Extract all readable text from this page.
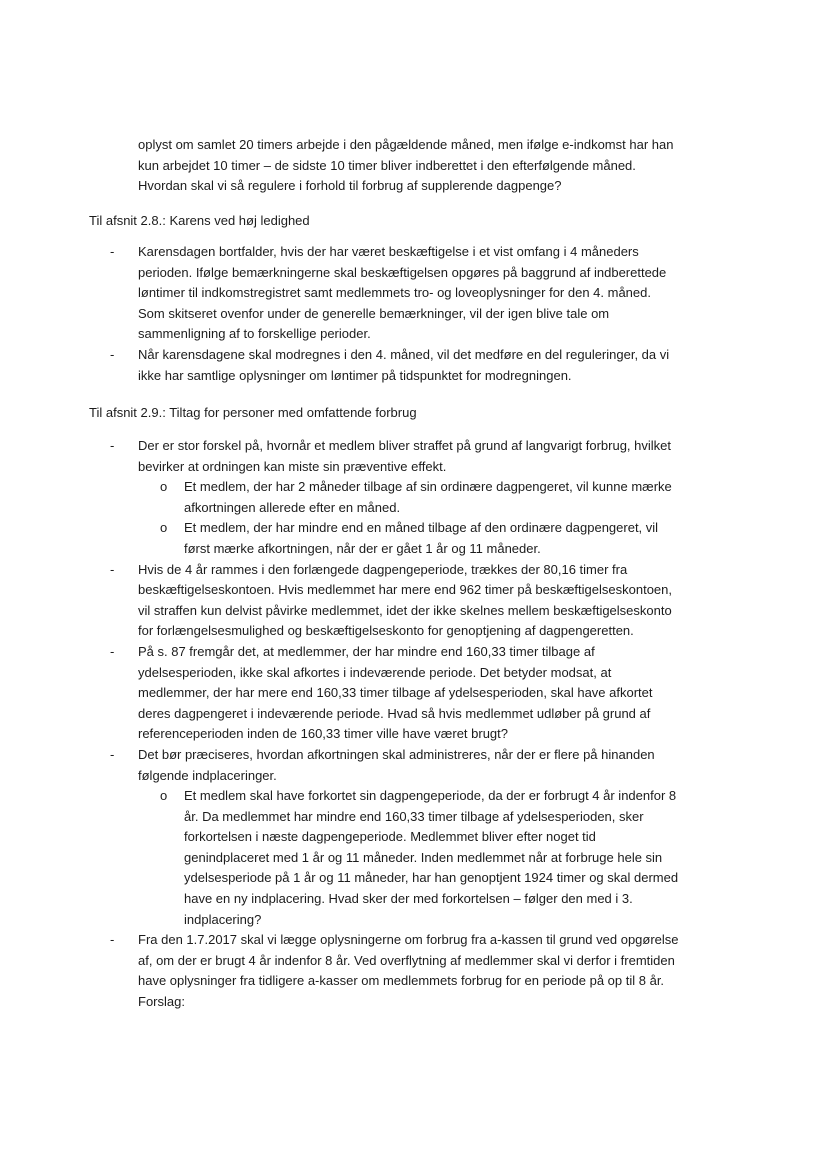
oplyst om samlet 20 timers arbejde i den pågældende måned, men ifølge e-indkomst har han
kun arbejdet 10 timer – de sidste 10 timer bliver indberettet i den efterfølgende måned.
Hvordan skal vi så regulere i forhold til forbrug af supplerende dagpenge?
Til afsnit 2.8.: Karens ved høj ledighed
- Karensdagen bortfalder, hvis der har været beskæftigelse i et vist omfang i 4 måneders
perioden. Ifølge bemærkningerne skal beskæftigelsen opgøres på baggrund af indberettede
løntimer til indkomstregistret samt medlemmets tro- og loveoplysninger for den 4. måned.
Som skitseret ovenfor under de generelle bemærkninger, vil der igen blive tale om
sammenligning af to forskellige perioder.
- Når karensdagene skal modregnes i den 4. måned, vil det medføre en del reguleringer, da vi
ikke har samtlige oplysninger om løntimer på tidspunktet for modregningen.
Til afsnit 2.9.: Tiltag for personer med omfattende forbrug
- Der er stor forskel på, hvornår et medlem bliver straffet på grund af langvarigt forbrug, hvilket
bevirker at ordningen kan miste sin præventive effekt.
o Et medlem, der har 2 måneder tilbage af sin ordinære dagpengeret, vil kunne mærke
afkortningen allerede efter en måned.
o Et medlem, der har mindre end en måned tilbage af den ordinære dagpengeret, vil
først mærke afkortningen, når der er gået 1 år og 11 måneder.
- Hvis de 4 år rammes i den forlængede dagpengeperiode, trækkes der 80,16 timer fra
beskæftigelseskontoen. Hvis medlemmet har mere end 962 timer på beskæftigelseskontoen,
vil straffen kun delvist påvirke medlemmet, idet der ikke skelnes mellem beskæftigelseskonto
for forlængelsesmulighed og beskæftigelseskonto for genoptjening af dagpengeretten.
- På s. 87 fremgår det, at medlemmer, der har mindre end 160,33 timer tilbage af
ydelsesperioden, ikke skal afkortes i indeværende periode. Det betyder modsat, at
medlemmer, der har mere end 160,33 timer tilbage af ydelsesperioden, skal have afkortet
deres dagpengeret i indeværende periode. Hvad så hvis medlemmet udløber på grund af
referenceperioden inden de 160,33 timer ville have været brugt?
- Det bør præciseres, hvordan afkortningen skal administreres, når der er flere på hinanden
følgende indplaceringer.
o Et medlem skal have forkortet sin dagpengeperiode, da der er forbrugt 4 år indenfor 8
år. Da medlemmet har mindre end 160,33 timer tilbage af ydelsesperioden, sker
forkortelsen i næste dagpengeperiode. Medlemmet bliver efter noget tid
genindplaceret med 1 år og 11 måneder. Inden medlemmet når at forbruge hele sin
ydelsesperiode på 1 år og 11 måneder, har han genoptjent 1924 timer og skal dermed
have en ny indplacering. Hvad sker der med forkortelsen – følger den med i 3.
indplacering?
- Fra den 1.7.2017 skal vi lægge oplysningerne om forbrug fra a-kassen til grund ved opgørelse
af, om der er brugt 4 år indenfor 8 år. Ved overflytning af medlemmer skal vi derfor i fremtiden
have oplysninger fra tidligere a-kasser om medlemmets forbrug for en periode på op til 8 år.
Forslag:
